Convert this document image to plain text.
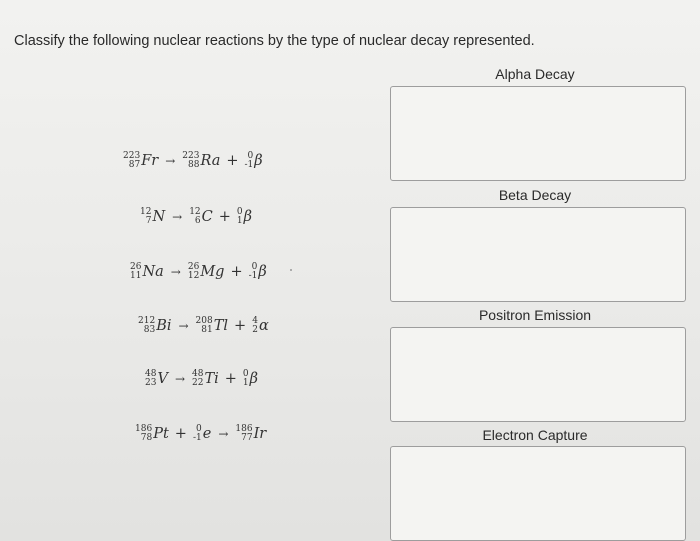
Classify the following nuclear reactions by the type of nuclear decay represented.
223
87 Fr → 223
88 Ra + 0
-1 β
12
7 N → 12
6 C + 0
1 β
26
11 Na → 26
12 Mg + 0
-1 β
212
83 Bi → 208
81 Tl + 4
2 α
48
23 V → 48
22 Ti + 0
1 β
186
78 Pt + 0
-1 e → 186
77 Ir
Alpha Decay
Beta Decay
Positron Emission
Electron Capture
